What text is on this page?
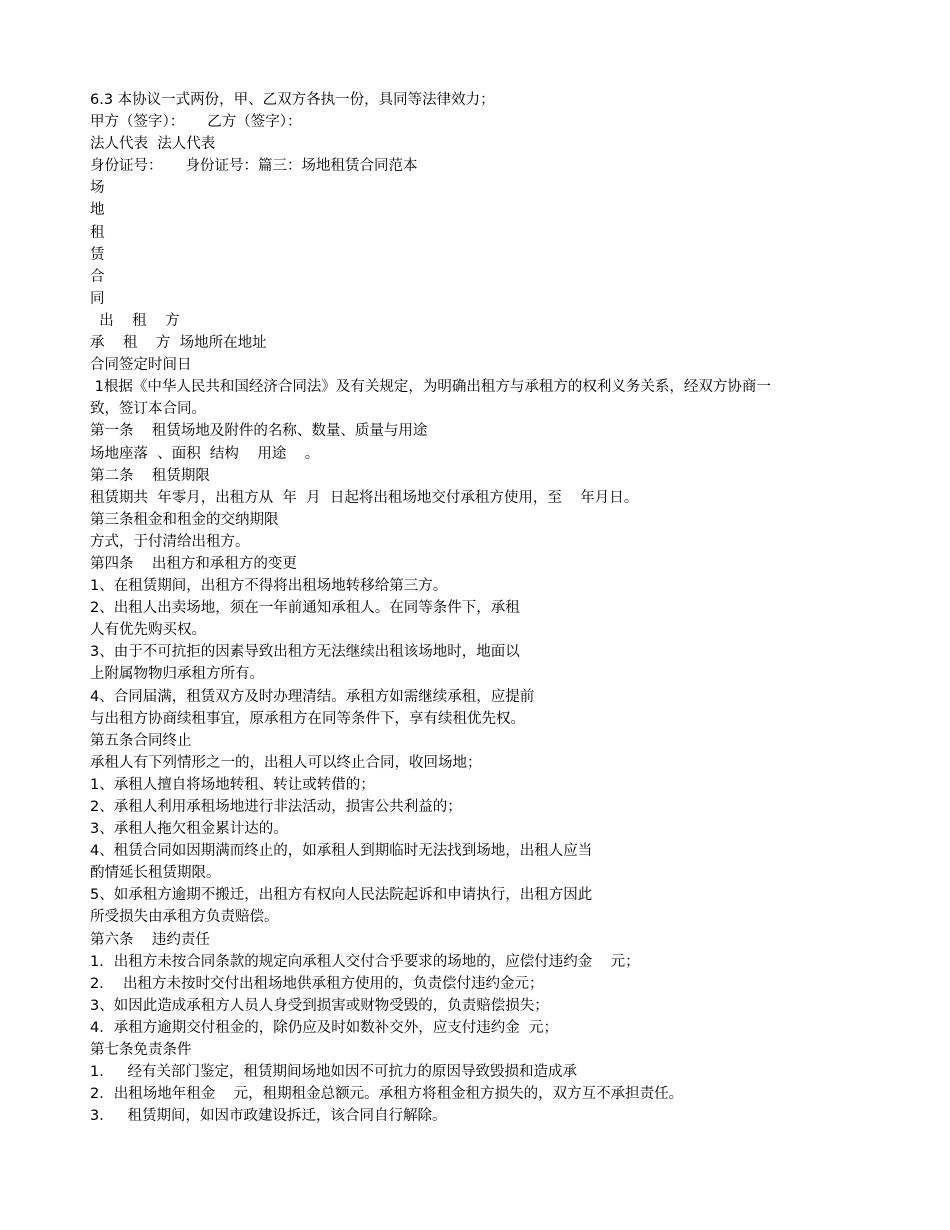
6.3 本协议一式两份，甲、乙双方各执一份，具同等法律效力；
甲方（签字）：     乙方（签字）：
法人代表  法人代表
身份证号：     身份证号：篇三：场地租赁合同范本
场
地
租
赁
合
同
出    租    方
承    租    方  场地所在地址
合同签定时间日
1根据《中华人民共和国经济合同法》及有关规定，为明确出租方与承租方的权利义务关系，经双方协商一
致，签订本合同。
第一条    租赁场地及附件的名称、数量、质量与用途
场地座落  、面积  结构    用途    。
第二条    租赁期限
租赁期共  年零月，出租方从  年  月  日起将出租场地交付承租方使用，至    年月日。
第三条租金和租金的交纳期限
方式，于付清给出租方。
第四条    出租方和承租方的变更
1、在租赁期间，出租方不得将出租场地转移给第三方。
2、出租人出卖场地，须在一年前通知承租人。在同等条件下，承租
人有优先购买权。
3、由于不可抗拒的因素导致出租方无法继续出租该场地时，地面以
上附属物物归承租方所有。
4、合同届满，租赁双方及时办理清结。承租方如需继续承租，应提前
与出租方协商续租事宜，原承租方在同等条件下，享有续租优先权。
第五条合同终止
承租人有下列情形之一的，出租人可以终止合同，收回场地；
1、承租人擅自将场地转租、转让或转借的；
2、承租人利用承租场地进行非法活动，损害公共利益的；
3、承租人拖欠租金累计达的。
4、租赁合同如因期满而终止的，如承租人到期临时无法找到场地，出租人应当
酌情延长租赁期限。
5、如承租方逾期不搬迁，出租方有权向人民法院起诉和申请执行，出租方因此
所受损失由承租方负责赔偿。
第六条    违约责任
1．出租方未按合同条款的规定向承租人交付合乎要求的场地的，应偿付违约金    元；
2．  出租方未按时交付出租场地供承租方使用的，负责偿付违约金元；
3、如因此造成承租方人员人身受到损害或财物受毁的，负责赔偿损失；
4．承租方逾期交付租金的，除仍应及时如数补交外，应支付违约金  元；
第七条免责条件
1．   经有关部门鉴定，租赁期间场地如因不可抗力的原因导致毁损和造成承
2．出租场地年租金    元，租期租金总额元。承租方将租金租方损失的，双方互不承担责任。
3．   租赁期间，如因市政建设拆迁，该合同自行解除。
